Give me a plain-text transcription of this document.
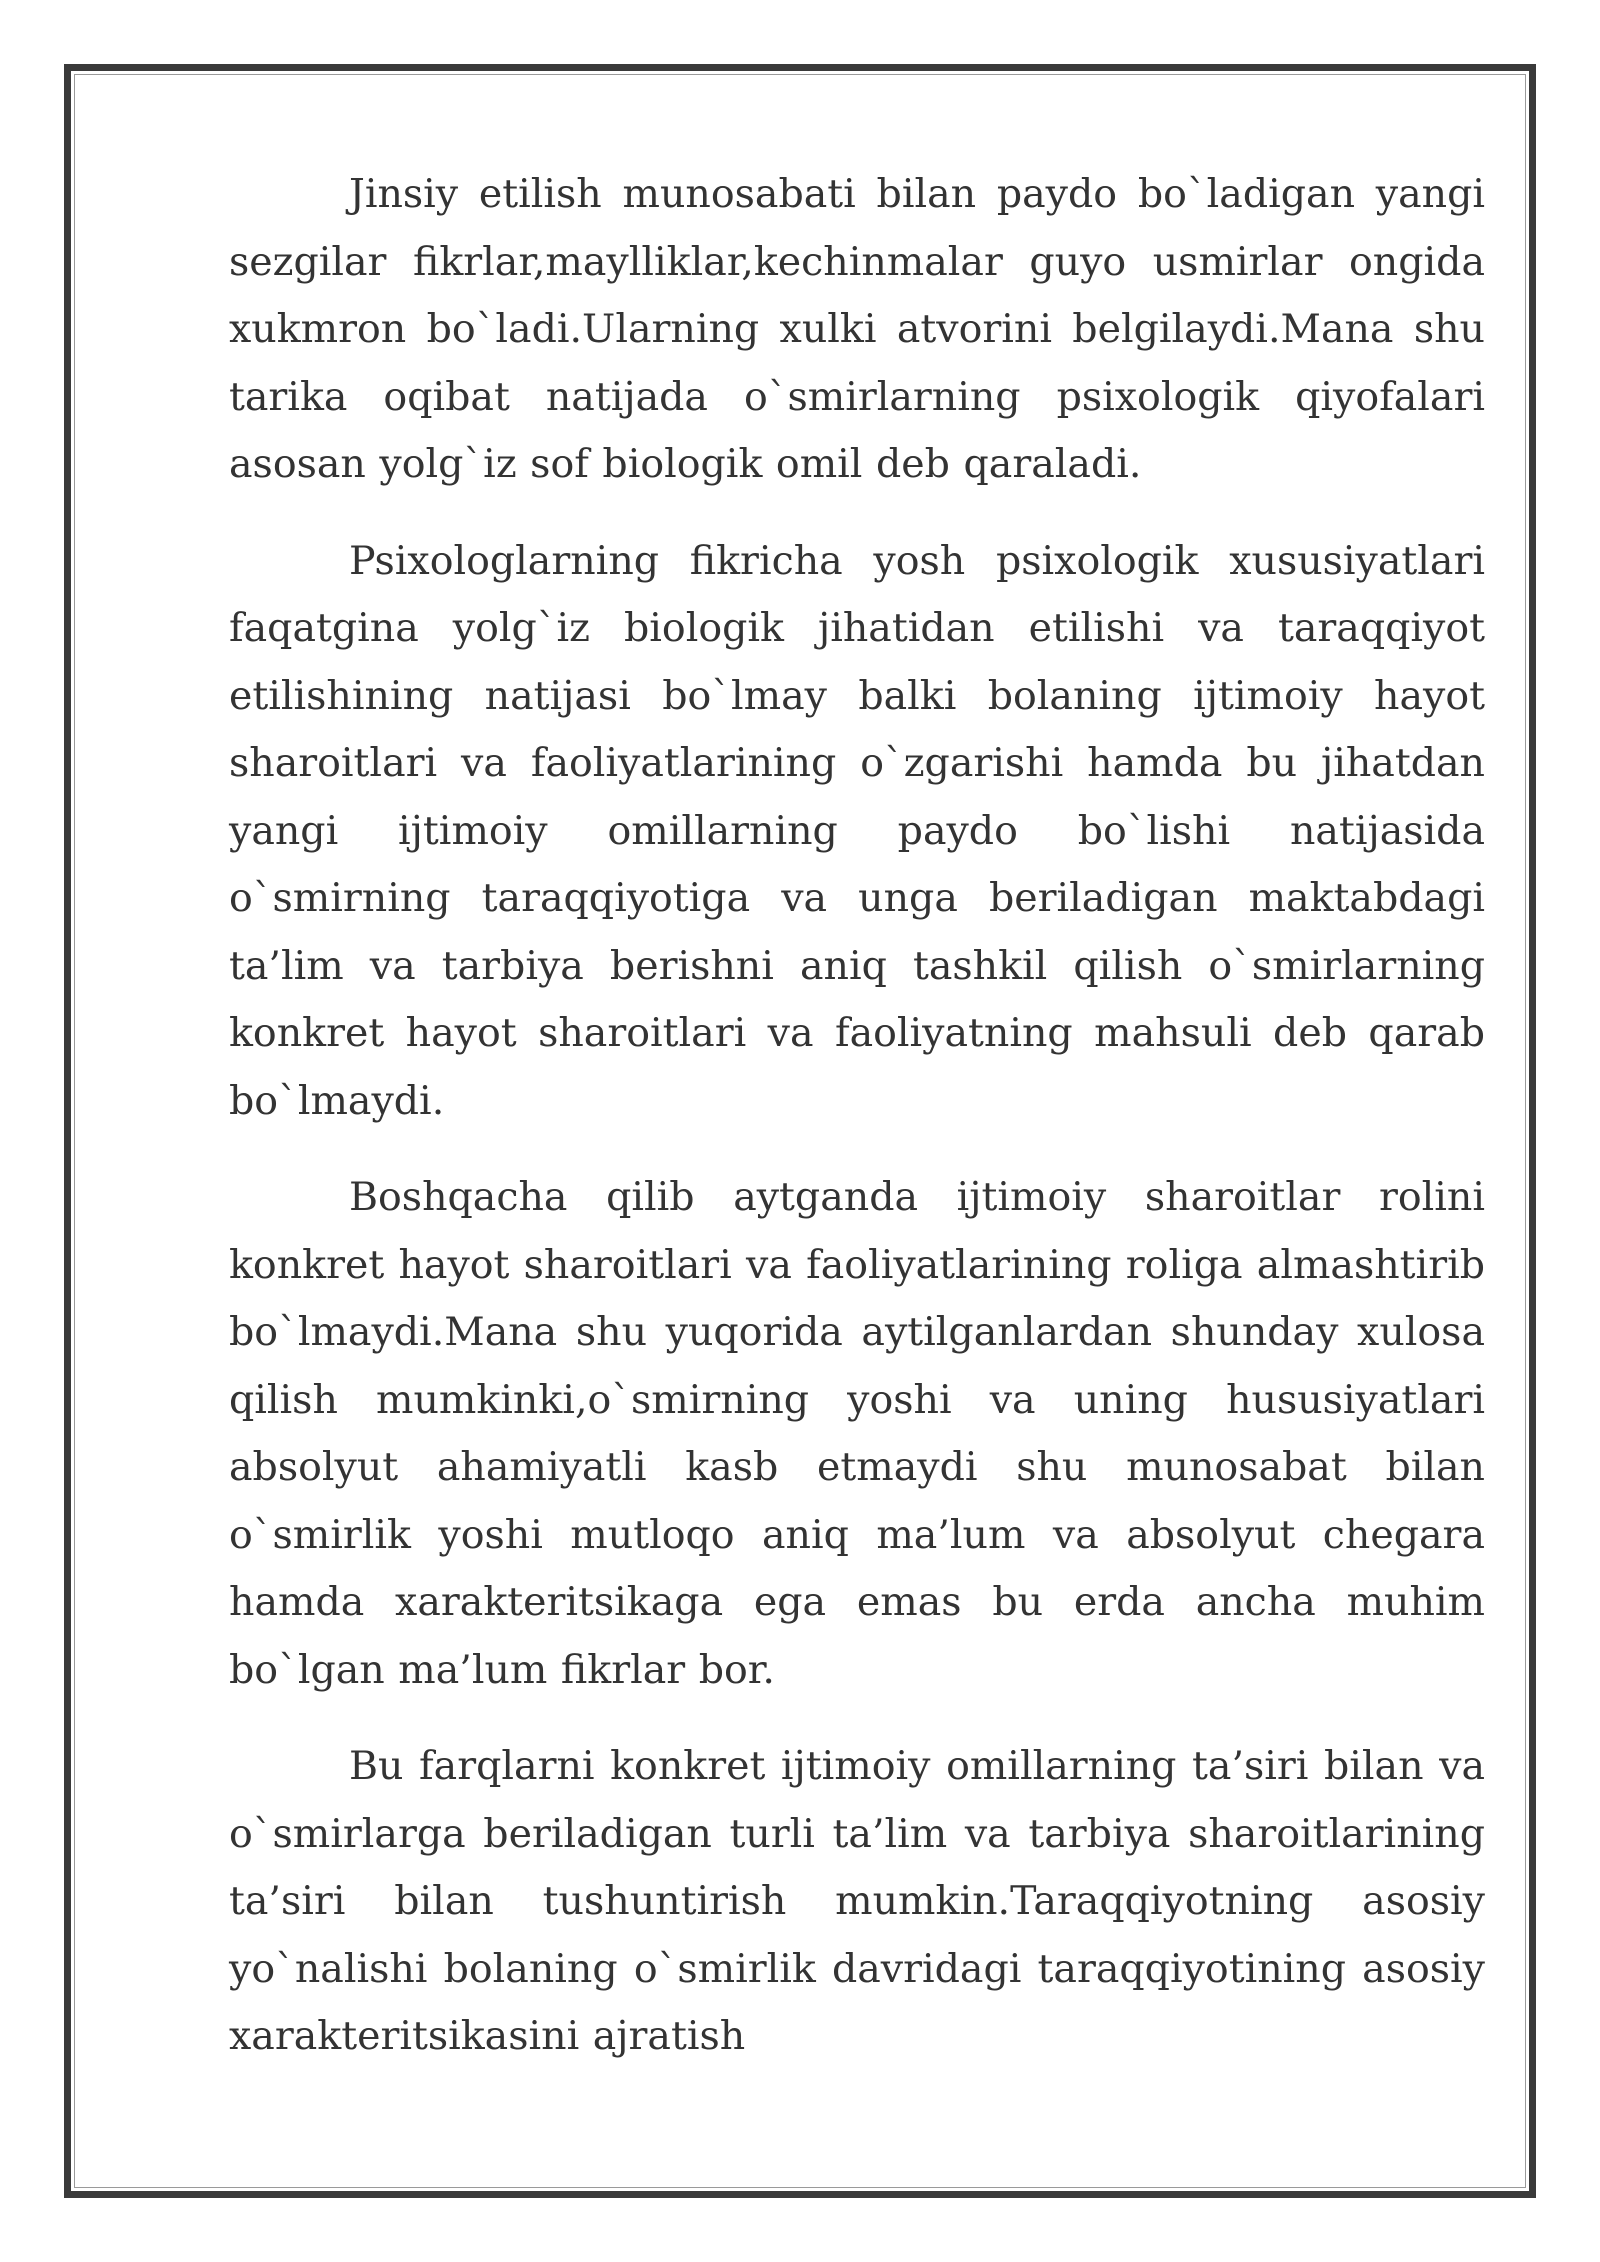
Jinsiy etilish munosabati bilan paydo bo`ladigan yangi sezgilar fikrlar,maylliklar,kechinmalar guyo usmirlar ongida xukmron bo`ladi.Ularning xulki atvorini belgilaydi.Mana shu tarika oqibat natijada o`smirlarning psixologik qiyofalari asosan yolg`iz sof biologik omil deb qaraladi.

Psixologlarning fikricha yosh psixologik xususiyatlari faqatgina yolg`iz biologik jihatidan etilishi va taraqqiyot etilishining natijasi bo`lmay balki bolaning ijtimoiy hayot sharoitlari va faoliyatlarining o`zgarishi hamda bu jihatdan yangi ijtimoiy omillarning paydo bo`lishi natijasida o`smirning taraqqiyotiga va unga beriladigan maktabdagi ta’lim va tarbiya berishni aniq tashkil qilish o`smirlarning konkret hayot sharoitlari va faoliyatning mahsuli deb qarab bo`lmaydi.

Boshqacha qilib aytganda ijtimoiy sharoitlar rolini konkret hayot sharoitlari va faoliyatlarining roliga almashtirib bo`lmaydi.Mana shu yuqorida aytilganlardan shunday xulosa qilish mumkinki,o`smirning yoshi va uning hususiyatlari absolyut ahamiyatli kasb etmaydi shu munosabat bilan o`smirlik yoshi mutloqo aniq ma’lum va absolyut chegara hamda xarakteritsikaga ega emas bu erda ancha muhim bo`lgan ma’lum fikrlar bor.

Bu farqlarni konkret ijtimoiy omillarning ta’siri bilan va o`smirlarga beriladigan turli ta’lim va tarbiya sharoitlarining ta’siri bilan tushuntirish mumkin.Taraqqiyotning asosiy yo`nalishi bolaning o`smirlik davridagi taraqqiyotining asosiy xarakteritsikasini ajratish
